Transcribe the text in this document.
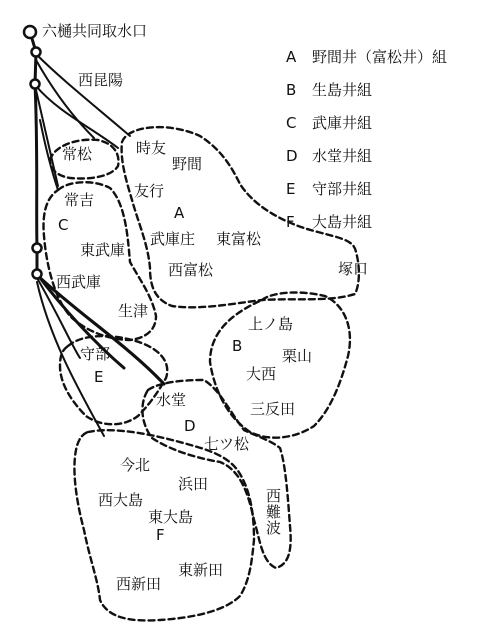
六樋共同取水口
A	野間井（富松井）組
B	生島井組
C	武庫井組
D 水堂井組
E	守部井組
F	大島井組
A
B
C
D
E
F
西昆陽
常松	時友
野間
友行
常吉
武庫庄 東富松
東武庫
西富松	塚口
西武庫
生津
上ノ島
守部	栗山
大西
水堂	三反田
七ツ松
今北
浜田
西大島
東大島	西難波
東新田
西新田
